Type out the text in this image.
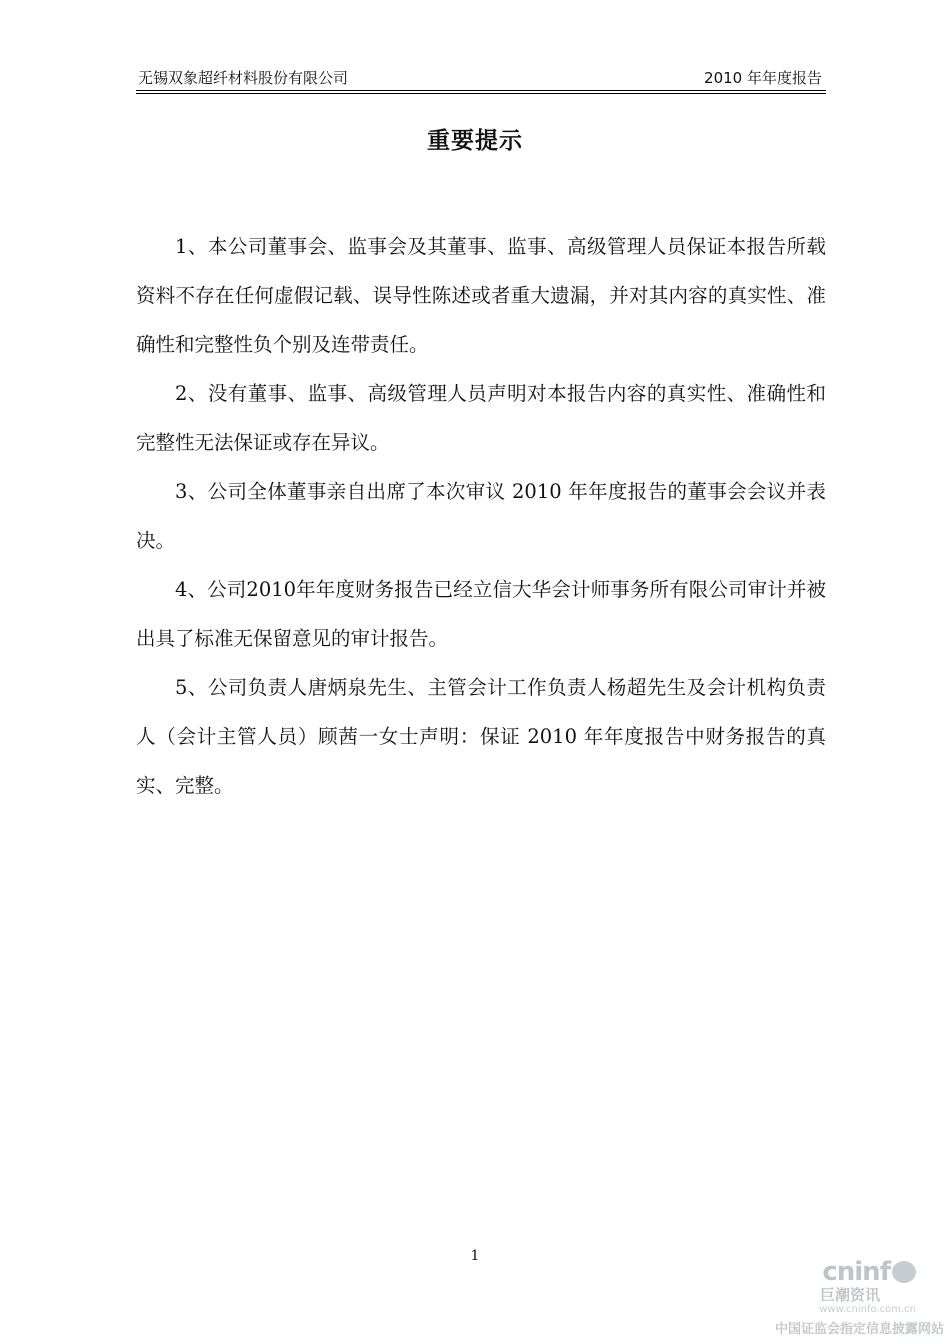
无锡双象超纤材料股份有限公司	2010 年年度报告
重要提示

1、本公司董事会、监事会及其董事、监事、高级管理人员保证本报告所载资料不存在任何虚假记载、误导性陈述或者重大遗漏，并对其内容的真实性、准确性和完整性负个别及连带责任。

2、没有董事、监事、高级管理人员声明对本报告内容的真实性、准确性和完整性无法保证或存在异议。

3、公司全体董事亲自出席了本次审议 2010 年年度报告的董事会会议并表决。

4、公司2010年年度财务报告已经立信大华会计师事务所有限公司审计并被出具了标准无保留意见的审计报告。

5、公司负责人唐炳泉先生、主管会计工作负责人杨超先生及会计机构负责人（会计主管人员）顾茜一女士声明：保证 2010 年年度报告中财务报告的真实、完整。

1
cninf
巨潮资讯
www.cninfo.com.cn
中国证监会指定信息披露网站
